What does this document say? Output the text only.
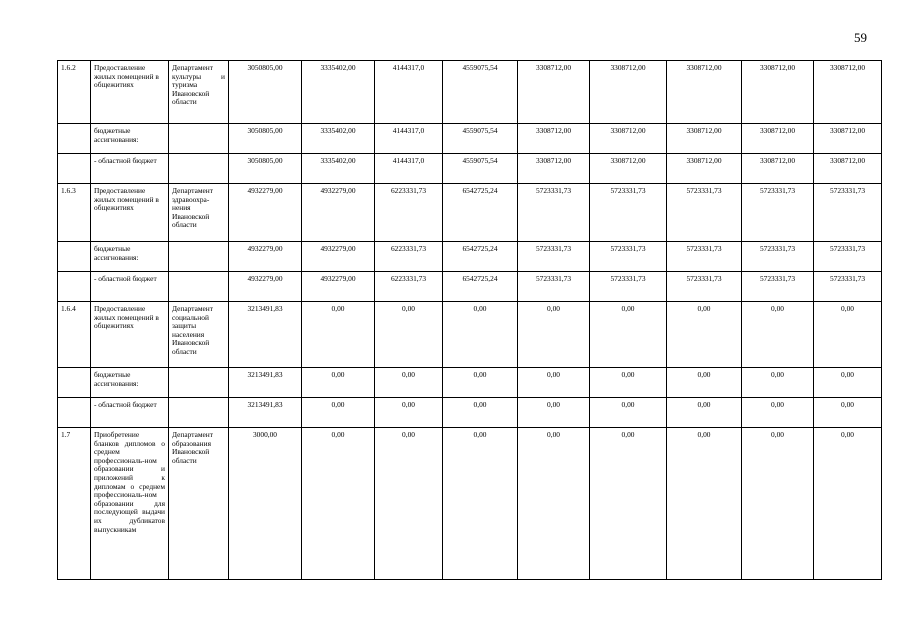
59
1.6.2	Предоставление жилых помещений в общежитиях	Департамент культуры и туризма Ивановской области	3050805,00	3335402,00	4144317,0	4559075,54	3308712,00	3308712,00	3308712,00	3308712,00	3308712,00
	бюджетные ассигнования:		3050805,00	3335402,00	4144317,0	4559075,54	3308712,00	3308712,00	3308712,00	3308712,00	3308712,00
	- областной бюджет		3050805,00	3335402,00	4144317,0	4559075,54	3308712,00	3308712,00	3308712,00	3308712,00	3308712,00
1.6.3	Предоставление жилых помещений в общежитиях	Департамент здравоохра-нения Ивановской области	4932279,00	4932279,00	6223331,73	6542725,24	5723331,73	5723331,73	5723331,73	5723331,73	5723331,73
	бюджетные ассигнования:		4932279,00	4932279,00	6223331,73	6542725,24	5723331,73	5723331,73	5723331,73	5723331,73	5723331,73
	- областной бюджет		4932279,00	4932279,00	6223331,73	6542725,24	5723331,73	5723331,73	5723331,73	5723331,73	5723331,73
1.6.4	Предоставление жилых помещений в общежитиях	Департамент социальной защиты населения Ивановской области	3213491,83	0,00	0,00	0,00	0,00	0,00	0,00	0,00	0,00
	бюджетные ассигнования:		3213491,83	0,00	0,00	0,00	0,00	0,00	0,00	0,00	0,00
	- областной бюджет		3213491,83	0,00	0,00	0,00	0,00	0,00	0,00	0,00	0,00
1.7	Приобретение бланков дипломов о среднем профессиональ-ном образовании и приложений к дипломам о среднем профессиональ-ном образовании для последующей выдачи их дубликатов выпускникам	Департамент образования Ивановской области	3000,00	0,00	0,00	0,00	0,00	0,00	0,00	0,00	0,00
